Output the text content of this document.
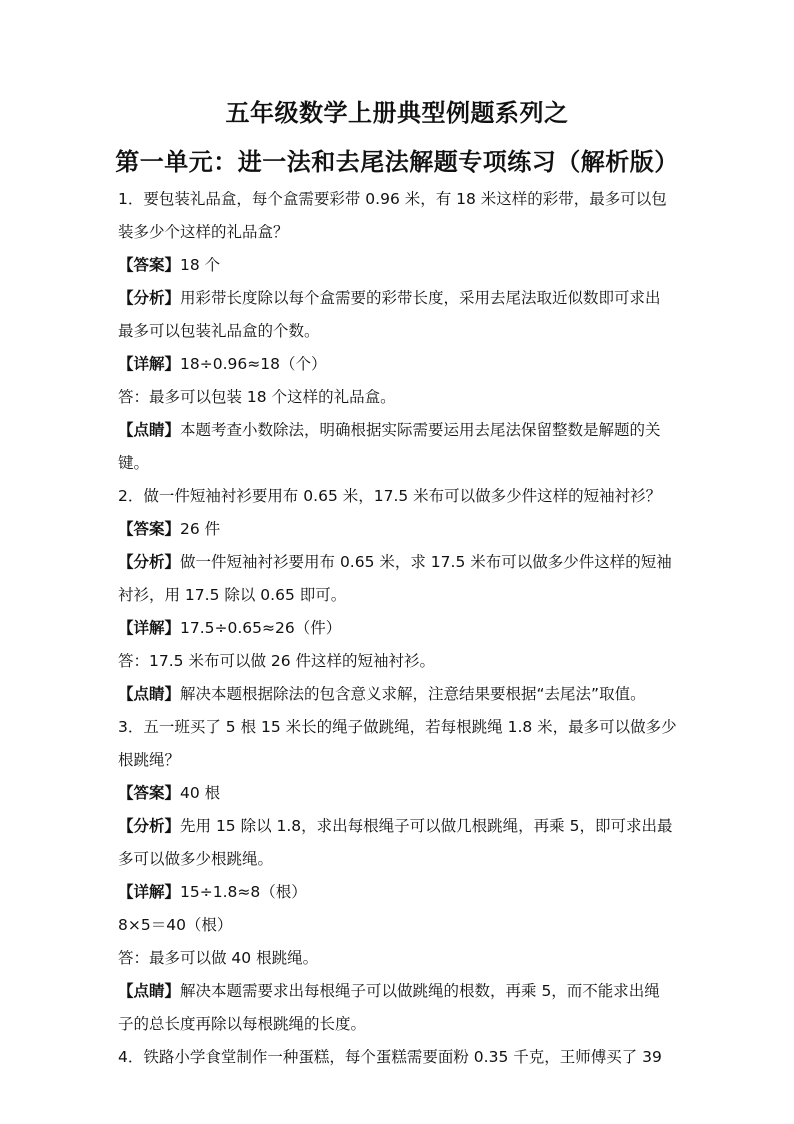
五年级数学上册典型例题系列之
第一单元：进一法和去尾法解题专项练习（解析版）
1．要包装礼品盒，每个盒需要彩带 0.96 米，有 18 米这样的彩带，最多可以包
装多少个这样的礼品盒？
【答案】18 个
【分析】用彩带长度除以每个盒需要的彩带长度，采用去尾法取近似数即可求出
最多可以包装礼品盒的个数。
【详解】18÷0.96≈18（个）
答：最多可以包装 18 个这样的礼品盒。
【点睛】本题考查小数除法，明确根据实际需要运用去尾法保留整数是解题的关
键。
2．做一件短袖衬衫要用布 0.65 米，17.5 米布可以做多少件这样的短袖衬衫？
【答案】26 件
【分析】做一件短袖衬衫要用布 0.65 米，求 17.5 米布可以做多少件这样的短袖
衬衫，用 17.5 除以 0.65 即可。
【详解】17.5÷0.65≈26（件）
答：17.5 米布可以做 26 件这样的短袖衬衫。
【点睛】解决本题根据除法的包含意义求解，注意结果要根据“去尾法”取值。
3．五一班买了 5 根 15 米长的绳子做跳绳，若每根跳绳 1.8 米，最多可以做多少
根跳绳？
【答案】40 根
【分析】先用 15 除以 1.8，求出每根绳子可以做几根跳绳，再乘 5，即可求出最
多可以做多少根跳绳。
【详解】15÷1.8≈8（根）
8×5＝40（根）
答：最多可以做 40 根跳绳。
【点睛】解决本题需要求出每根绳子可以做跳绳的根数，再乘 5，而不能求出绳
子的总长度再除以每根跳绳的长度。
4．铁路小学食堂制作一种蛋糕，每个蛋糕需要面粉 0.35 千克，王师傅买了 39
